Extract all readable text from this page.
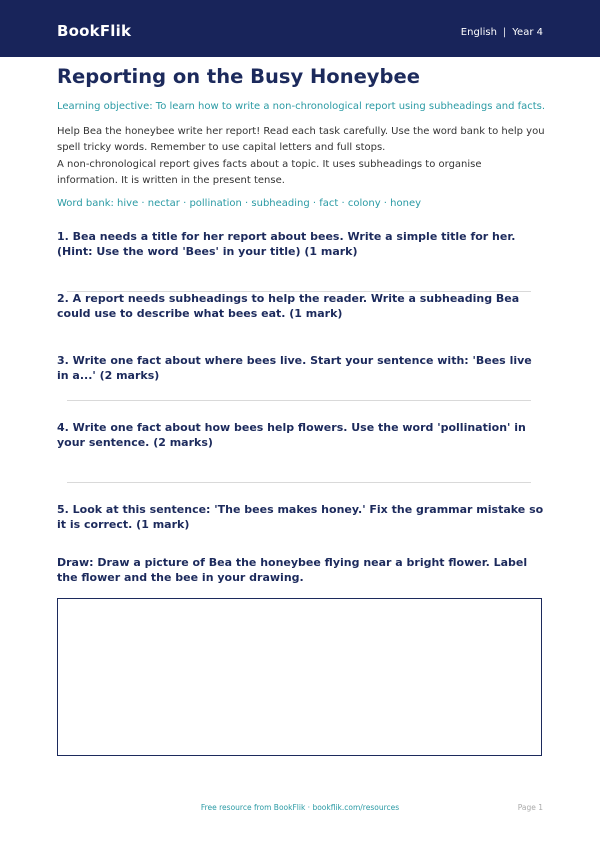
BookFlik	English | Year 4
Reporting on the Busy Honeybee
Learning objective: To learn how to write a non-chronological report using subheadings and facts.
Help Bea the honeybee write her report! Read each task carefully. Use the word bank to help you spell tricky words. Remember to use capital letters and full stops.
A non-chronological report gives facts about a topic. It uses subheadings to organise information. It is written in the present tense.
Word bank: hive · nectar · pollination · subheading · fact · colony · honey
1. Bea needs a title for her report about bees. Write a simple title for her. (Hint: Use the word 'Bees' in your title) (1 mark)
2. A report needs subheadings to help the reader. Write a subheading Bea could use to describe what bees eat. (1 mark)
3. Write one fact about where bees live. Start your sentence with: 'Bees live in a...' (2 marks)
4. Write one fact about how bees help flowers. Use the word 'pollination' in your sentence. (2 marks)
5. Look at this sentence: 'The bees makes honey.' Fix the grammar mistake so it is correct. (1 mark)
Draw: Draw a picture of Bea the honeybee flying near a bright flower. Label the flower and the bee in your drawing.
Free resource from BookFlik · bookflik.com/resources	Page 1
